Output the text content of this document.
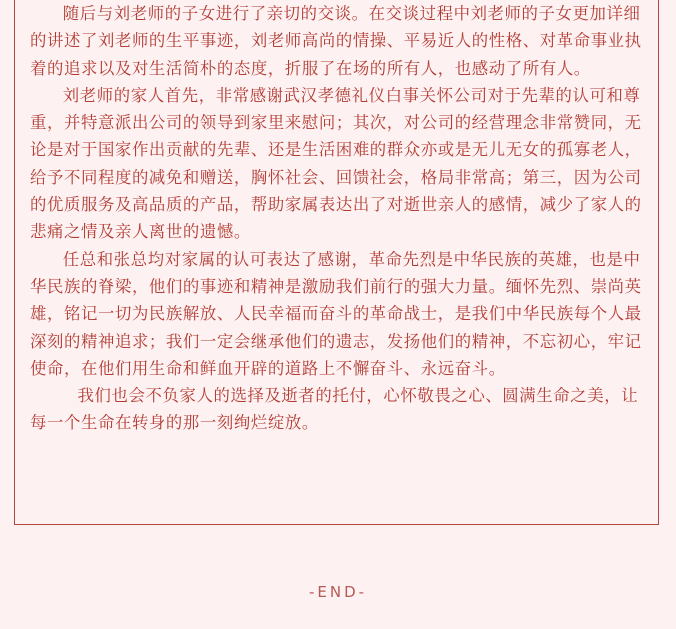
随后与刘老师的子女进行了亲切的交谈。在交谈过程中刘老师的子女更加详细的讲述了刘老师的生平事迹，刘老师高尚的情操、平易近人的性格、对革命事业执着的追求以及对生活简朴的态度，折服了在场的所有人，也感动了所有人。

刘老师的家人首先，非常感谢武汉孝德礼仪白事关怀公司对于先辈的认可和尊重，并特意派出公司的领导到家里来慰问；其次，对公司的经营理念非常赞同，无论是对于国家作出贡献的先辈、还是生活困难的群众亦或是无儿无女的孤寡老人，给予不同程度的减免和赠送，胸怀社会、回馈社会，格局非常高；第三，因为公司的优质服务及高品质的产品，帮助家属表达出了对逝世亲人的感情，减少了家人的悲痛之情及亲人离世的遗憾。

任总和张总均对家属的认可表达了感谢，革命先烈是中华民族的英雄，也是中华民族的脊梁，他们的事迹和精神是激励我们前行的强大力量。缅怀先烈、崇尚英雄，铭记一切为民族解放、人民幸福而奋斗的革命战士，是我们中华民族每个人最深刻的精神追求；我们一定会继承他们的遗志，发扬他们的精神，不忘初心，牢记使命，在他们用生命和鲜血开辟的道路上不懈奋斗、永远奋斗。

我们也会不负家人的选择及逝者的托付，心怀敬畏之心、圆满生命之美，让每一个生命在转身的那一刻绚烂绽放。

-END-
